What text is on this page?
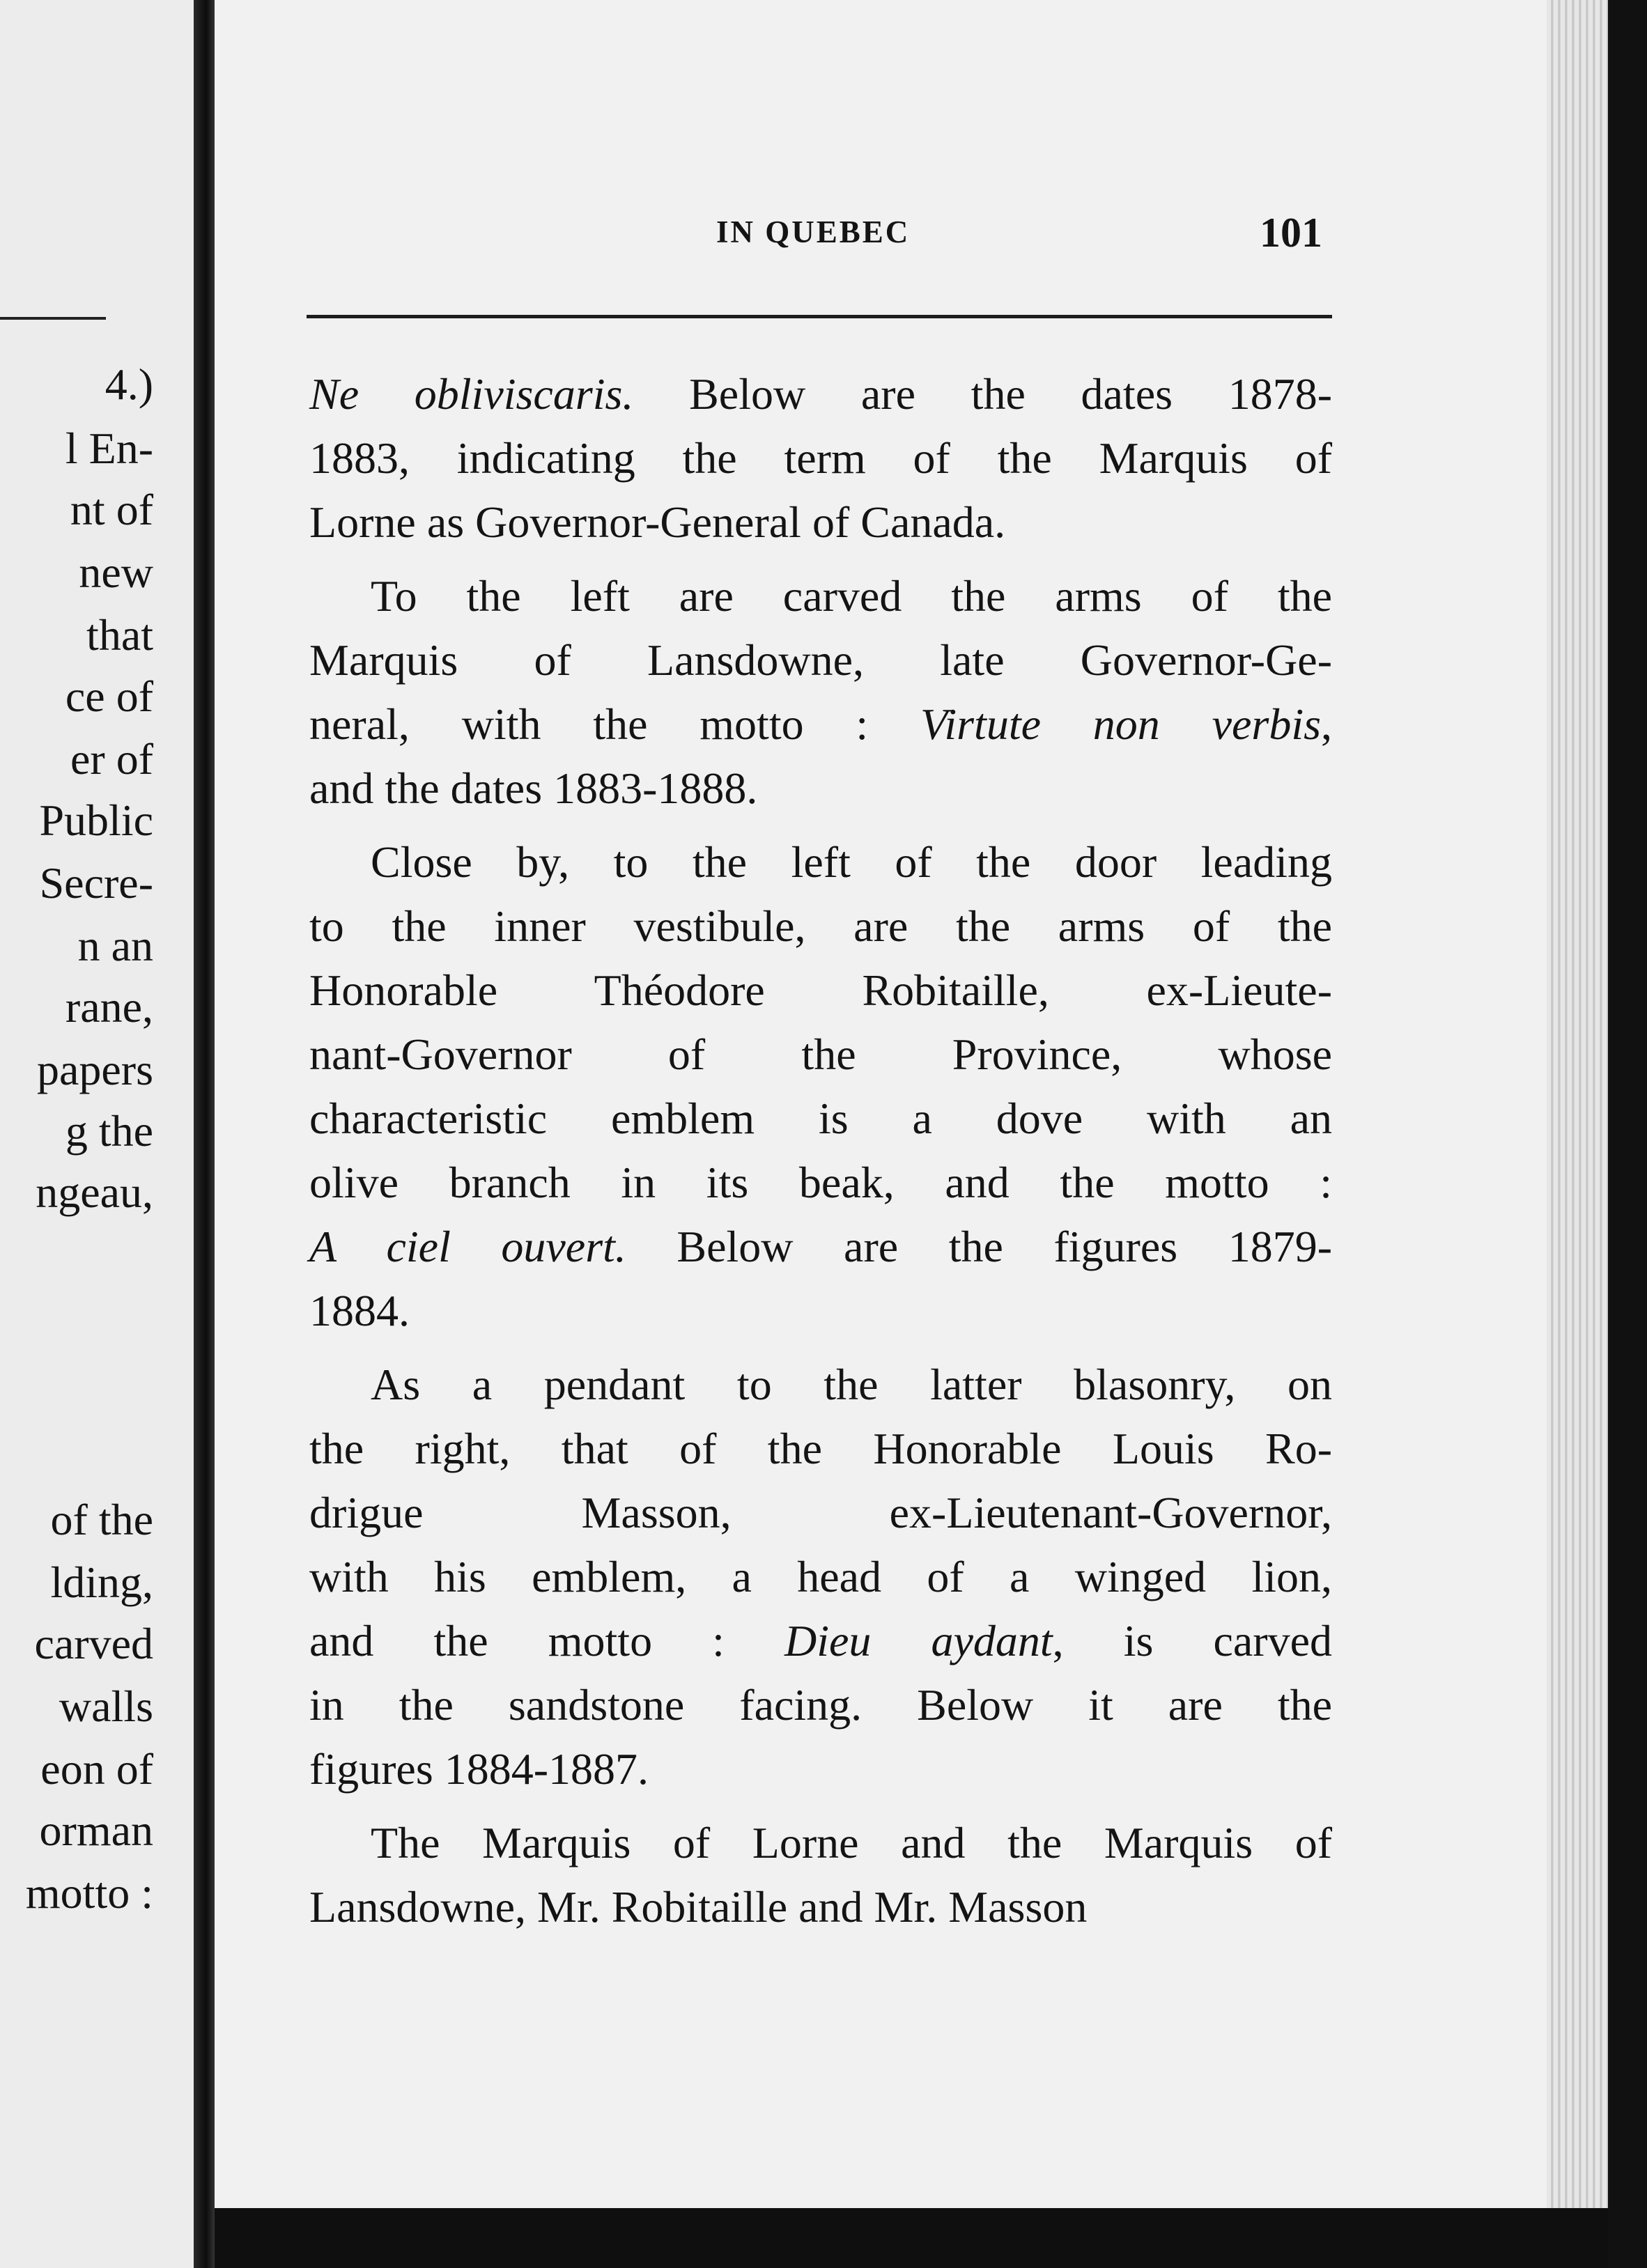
4.)
l En-
nt of
new
that
ce of
er of
Public
Secre-
n an
rane,
papers
g the
ngeau,
of the
lding,
carved
walls
eon of
orman
motto :
IN QUEBEC	101

Ne obliviscaris. Below are the dates 1878-
1883, indicating the term of the Marquis of
Lorne as Governor-General of Canada.

To the left are carved the arms of the
Marquis of Lansdowne, late Governor-Ge-
neral, with the motto : Virtute non verbis,
and the dates 1883-1888.

Close by, to the left of the door leading
to the inner vestibule, are the arms of the
Honorable Théodore Robitaille, ex-Lieute-
nant-Governor of the Province, whose
characteristic emblem is a dove with an
olive branch in its beak, and the motto :
A ciel ouvert. Below are the figures 1879-
1884.

As a pendant to the latter blasonry, on
the right, that of the Honorable Louis Ro-
drigue Masson, ex-Lieutenant-Governor,
with his emblem, a head of a winged lion,
and the motto : Dieu aydant, is carved
in the sandstone facing. Below it are the
figures 1884-1887.

The Marquis of Lorne and the Marquis of
Lansdowne, Mr. Robitaille and Mr. Masson
